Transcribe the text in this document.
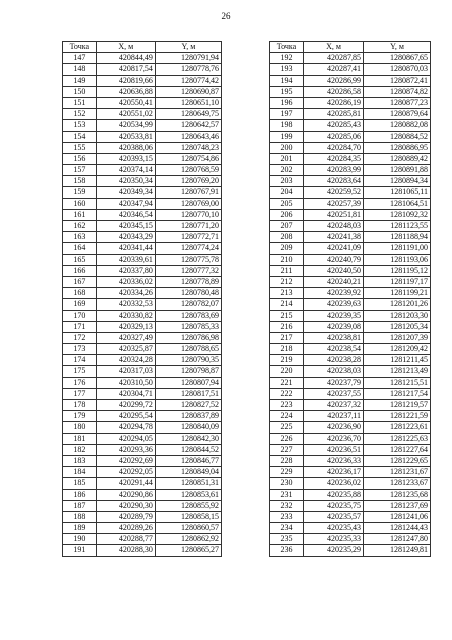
26
Точка	X, м	Y, м
147	420844,49	1280791,94
148	420817,54	1280778,76
149	420819,66	1280774,42
150	420636,88	1280690,87
151	420550,41	1280651,10
152	420551,02	1280649,75
153	420534,99	1280642,57
154	420533,81	1280643,46
155	420388,06	1280748,23
156	420393,15	1280754,86
157	420374,14	1280768,59
158	420350,34	1280769,20
159	420349,34	1280767,91
160	420347,94	1280769,00
161	420346,54	1280770,10
162	420345,15	1280771,20
163	420343,29	1280772,71
164	420341,44	1280774,24
165	420339,61	1280775,78
166	420337,80	1280777,32
167	420336,02	1280778,89
168	420334,26	1280780,48
169	420332,53	1280782,07
170	420330,82	1280783,69
171	420329,13	1280785,33
172	420327,49	1280786,98
173	420325,87	1280788,65
174	420324,28	1280790,35
175	420317,03	1280798,87
176	420310,50	1280807,94
177	420304,71	1280817,51
178	420299,72	1280827,52
179	420295,54	1280837,89
180	420294,78	1280840,09
181	420294,05	1280842,30
182	420293,36	1280844,52
183	420292,69	1280846,77
184	420292,05	1280849,04
185	420291,44	1280851,31
186	420290,86	1280853,61
187	420290,30	1280855,92
188	420289,79	1280858,15
189	420289,26	1280860,57
190	420288,77	1280862,92
191	420288,30	1280865,27
Точка	X, м	Y, м
192	420287,85	1280867,65
193	420287,41	1280870,03
194	420286,99	1280872,41
195	420286,58	1280874,82
196	420286,19	1280877,23
197	420285,81	1280879,64
198	420285,43	1280882,08
199	420285,06	1280884,52
200	420284,70	1280886,95
201	420284,35	1280889,42
202	420283,99	1280891,88
203	420283,64	1280894,34
204	420259,52	1281065,11
205	420257,39	1281064,51
206	420251,81	1281092,32
207	420248,03	1281123,55
208	420241,38	1281188,94
209	420241,09	1281191,00
210	420240,79	1281193,06
211	420240,50	1281195,12
212	420240,21	1281197,17
213	420239,92	1281199,21
214	420239,63	1281201,26
215	420239,35	1281203,30
216	420239,08	1281205,34
217	420238,81	1281207,39
218	420238,54	1281209,42
219	420238,28	1281211,45
220	420238,03	1281213,49
221	420237,79	1281215,51
222	420237,55	1281217,54
223	420237,32	1281219,57
224	420237,11	1281221,59
225	420236,90	1281223,61
226	420236,70	1281225,63
227	420236,51	1281227,64
228	420236,33	1281229,65
229	420236,17	1281231,67
230	420236,02	1281233,67
231	420235,88	1281235,68
232	420235,75	1281237,69
233	420235,57	1281241,06
234	420235,43	1281244,43
235	420235,33	1281247,80
236	420235,29	1281249,81
